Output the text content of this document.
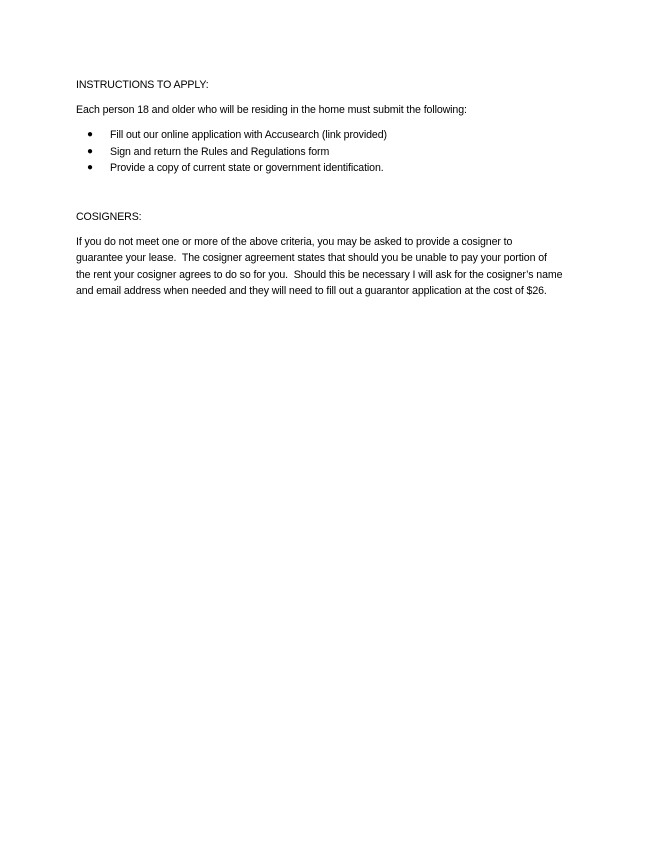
INSTRUCTIONS TO APPLY:

Each person 18 and older who will be residing in the home must submit the following:

● Fill out our online application with Accusearch (link provided)
● Sign and return the Rules and Regulations form
● Provide a copy of current state or government identification.
COSIGNERS:
If you do not meet one or more of the above criteria, you may be asked to provide a cosigner to
guarantee your lease.  The cosigner agreement states that should you be unable to pay your portion of
the rent your cosigner agrees to do so for you.  Should this be necessary I will ask for the cosigner’s name
and email address when needed and they will need to fill out a guarantor application at the cost of $26.
